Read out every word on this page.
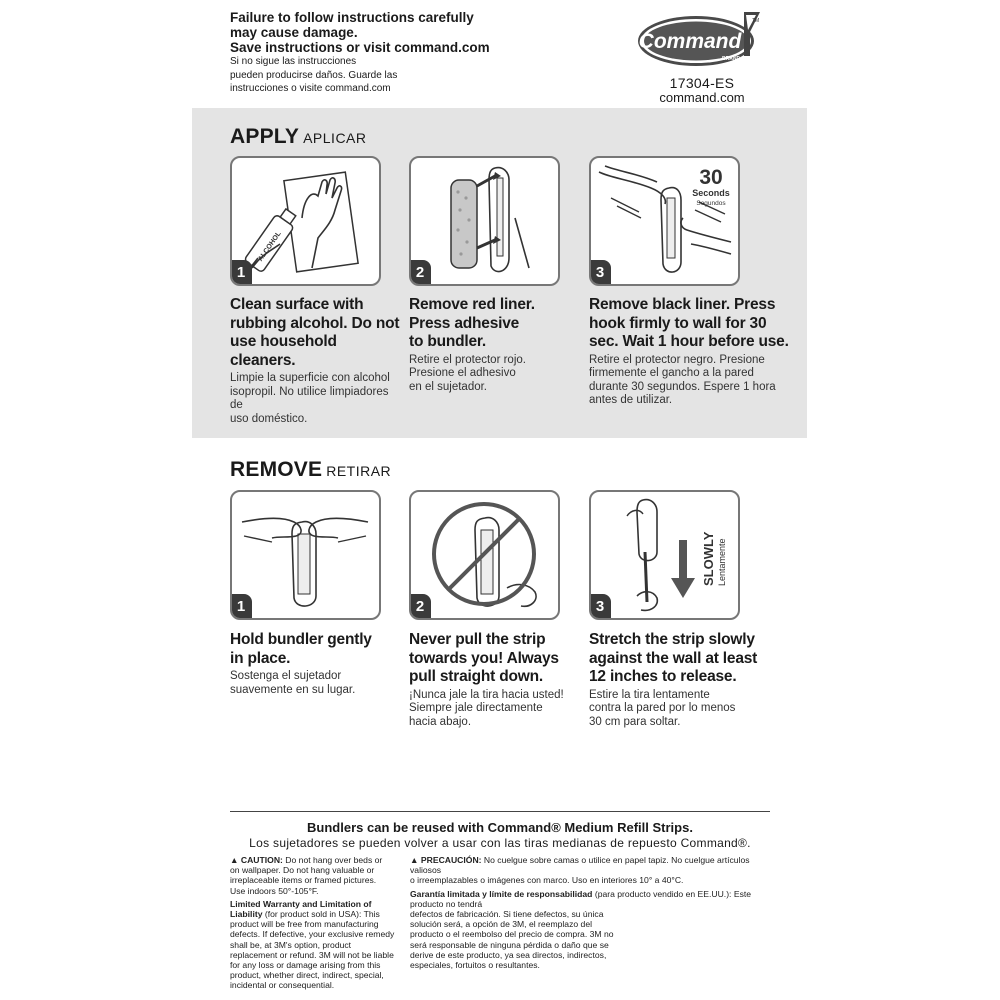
Failure to follow instructions carefully
may cause damage.
Save instructions or visit command.com
Si no sigue las instrucciones
pueden producirse daños. Guarde las
instrucciones o visite command.com
Command
BRAND
TM
17304-ES
command.com
APPLY APLICAR
ALCOHOL
1
Clean surface with
rubbing alcohol. Do not
use household cleaners.
Limpie la superficie con alcohol
isopropil. No utilice limpiadores de
uso doméstico.
2
Remove red liner.
Press adhesive
to bundler.
Retire el protector rojo.
Presione el adhesivo
en el sujetador.
30
Seconds
Segundos
3
Remove black liner. Press
hook firmly to wall for 30
sec. Wait 1 hour before use.
Retire el protector negro. Presione
firmemente el gancho a la pared
durante 30 segundos. Espere 1 hora
antes de utilizar.
REMOVE RETIRAR
1
Hold bundler gently
in place.
Sostenga el sujetador
suavemente en su lugar.
2
Never pull the strip
towards you! Always
pull straight down.
¡Nunca jale la tira hacia usted!
Siempre jale directamente
hacia abajo.
SLOWLY Lentamente
3
Stretch the strip slowly
against the wall at least
12 inches to release.
Estire la tira lentamente
contra la pared por lo menos
30 cm para soltar.
Bundlers can be reused with Command® Medium Refill Strips.
Los sujetadores se pueden volver a usar con las tiras medianas de repuesto Command®.
▲ CAUTION: Do not hang over beds or
on wallpaper. Do not hang valuable or
irreplaceable items or framed pictures.
Use indoors 50°-105°F.
Limited Warranty and Limitation of
Liability (for product sold in USA): This
product will be free from manufacturing
defects. If defective, your exclusive remedy
shall be, at 3M's option, product
replacement or refund. 3M will not be liable
for any loss or damage arising from this
product, whether direct, indirect, special,
incidental or consequential.
▲ PRECAUCIÓN: No cuelgue sobre camas o utilice en papel tapiz. No cuelgue artículos valiosos
o irreemplazables o imágenes con marco. Uso en interiores 10° a 40°C.
Garantía limitada y límite de responsabilidad (para producto vendido en EE.UU.): Este producto no tendrá
defectos de fabricación. Si tiene defectos, su única
solución será, a opción de 3M, el reemplazo del
producto o el reembolso del precio de compra. 3M no
será responsable de ninguna pérdida o daño que se
derive de este producto, ya sea directos, indirectos,
especiales, fortuitos o resultantes.
